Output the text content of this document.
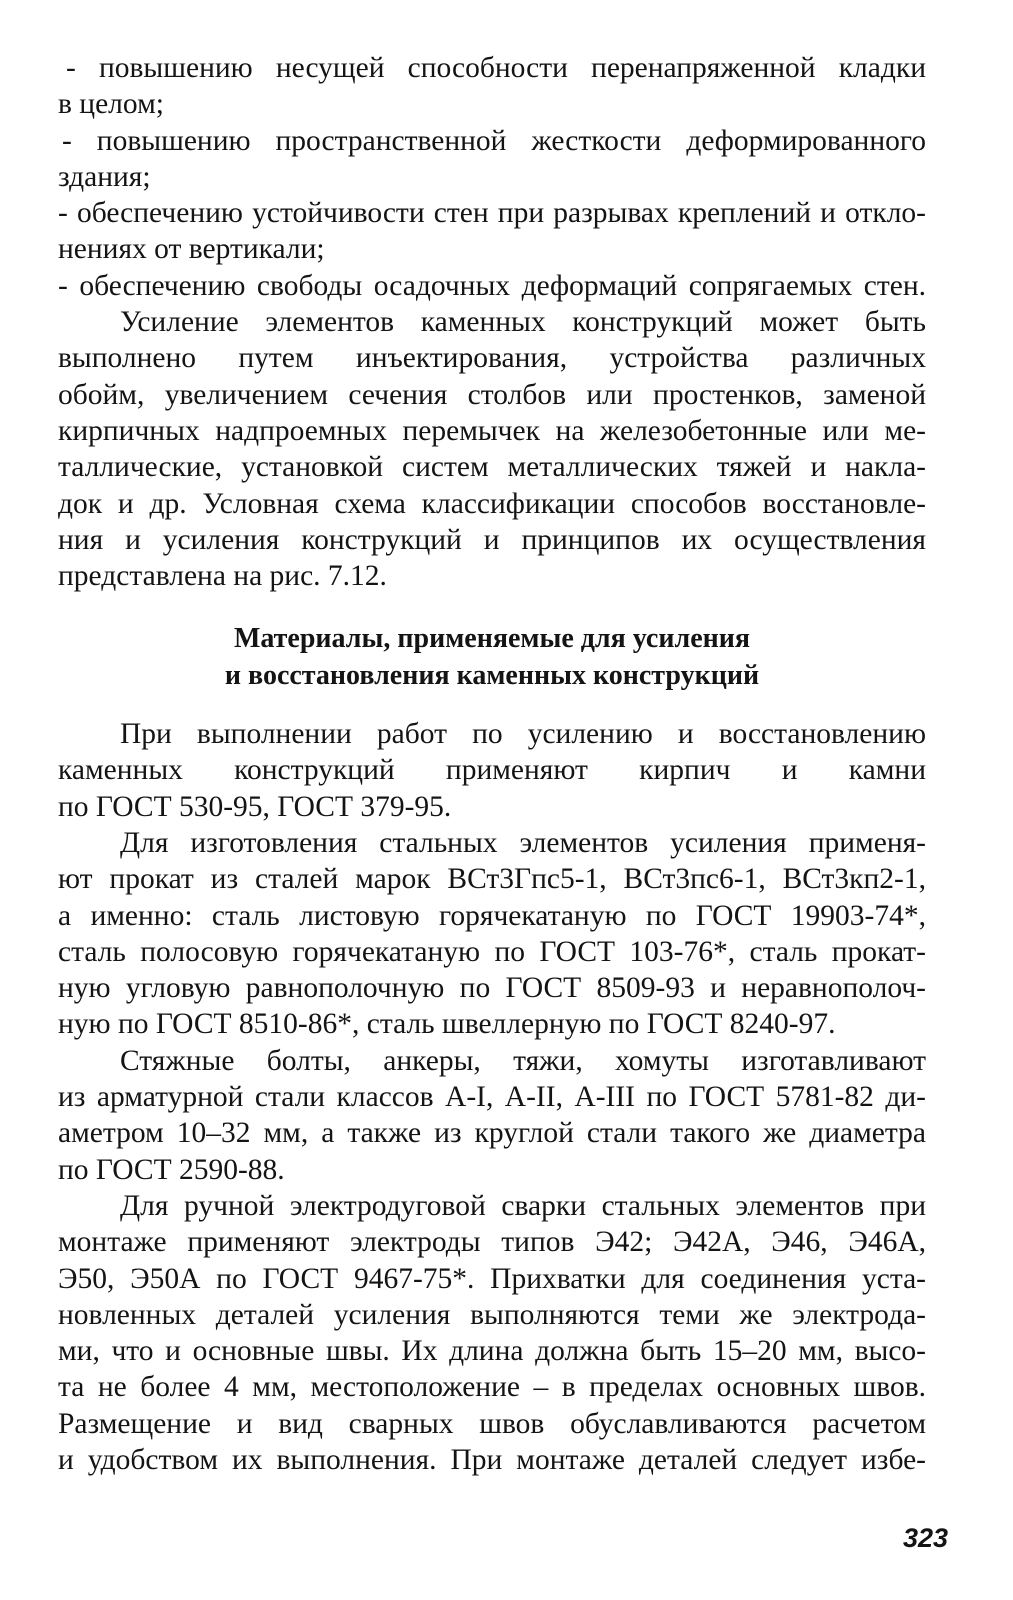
- повышению несущей способности перенапряженной кладки
в целом;
- повышению пространственной жесткости деформированного
здания;
- обеспечению устойчивости стен при разрывах креплений и откло-
нениях от вертикали;
- обеспечению свободы осадочных деформаций сопрягаемых стен.
Усиление элементов каменных конструкций может быть
выполнено путем инъектирования, устройства различных
обойм, увеличением сечения столбов или простенков, заменой
кирпичных надпроемных перемычек на железобетонные или ме-
таллические, установкой систем металлических тяжей и накла-
док и др. Условная схема классификации способов восстановле-
ния и усиления конструкций и принципов их осуществления
представлена на рис. 7.12.
Материалы, применяемые для усиления
и восстановления каменных конструкций
При выполнении работ по усилению и восстановлению
каменных конструкций применяют кирпич и камни
по ГОСТ 530-95, ГОСТ 379-95.
Для изготовления стальных элементов усиления применя-
ют прокат из сталей марок ВСт3Гпс5-1, ВСт3пс6-1, ВСт3кп2-1,
а именно: сталь листовую горячекатаную по ГОСТ 19903-74*,
сталь полосовую горячекатаную по ГОСТ 103-76*, сталь прокат-
ную угловую равнополочную по ГОСТ 8509-93 и неравнополоч-
ную по ГОСТ 8510-86*, сталь швеллерную по ГОСТ 8240-97.
Стяжные болты, анкеры, тяжи, хомуты изготавливают
из арматурной стали классов А-I, А-II, А-III по ГОСТ 5781-82 ди-
аметром 10–32 мм, а также из круглой стали такого же диаметра
по ГОСТ 2590-88.
Для ручной электродуговой сварки стальных элементов при
монтаже применяют электроды типов Э42; Э42А, Э46, Э46А,
Э50, Э50А по ГОСТ 9467-75*. Прихватки для соединения уста-
новленных деталей усиления выполняются теми же электрода-
ми, что и основные швы. Их длина должна быть 15–20 мм, высо-
та не более 4 мм, местоположение – в пределах основных швов.
Размещение и вид сварных швов обуславливаются расчетом
и удобством их выполнения. При монтаже деталей следует избе-
323
